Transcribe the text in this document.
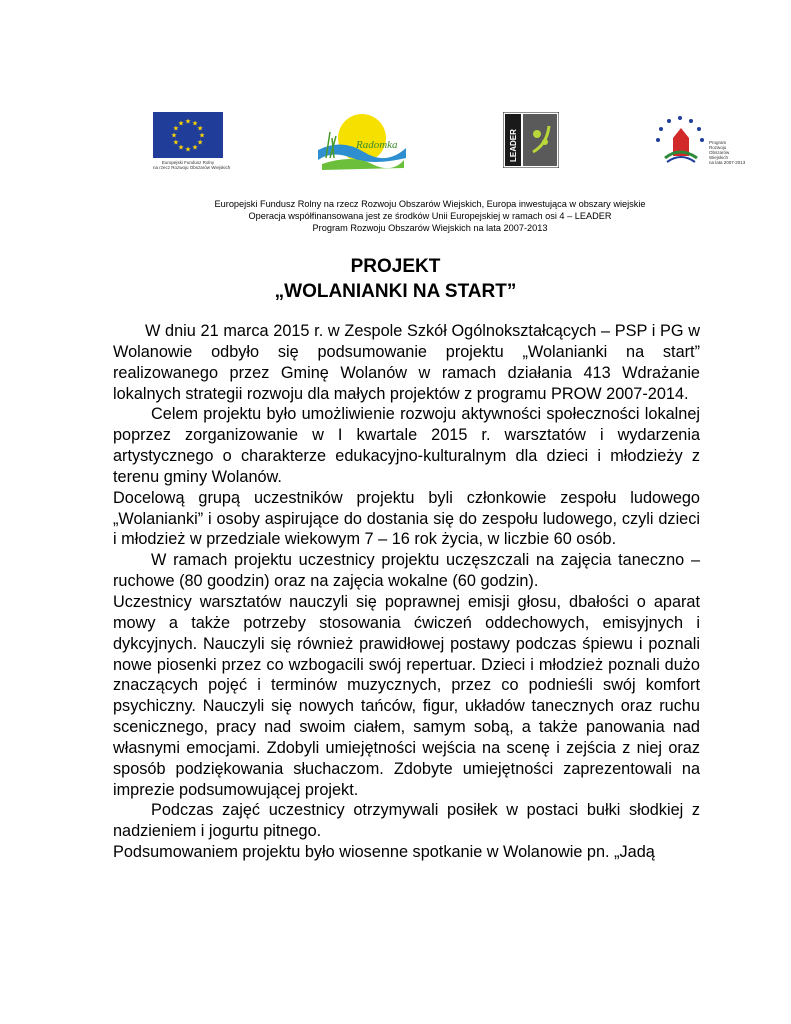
★ ★
★
★
★
★
★
★
★
★
★
★
Europejski Fundusz Rolny
na rzecz Rozwoju Obszarów Wiejskich
Radomka	LEADER	Program
Rozwoju
Obszarów
Wiejskich
na lata 2007-2013
Europejski Fundusz Rolny na rzecz Rozwoju Obszarów Wiejskich, Europa inwestująca w obszary wiejskie
Operacja współfinansowana jest ze środków Unii Europejskiej w ramach osi 4 – LEADER
Program Rozwoju Obszarów Wiejskich na lata 2007-2013
PROJEKT
„WOLANIANKI NA START”

W dniu 21 marca 2015 r. w Zespole Szkół Ogólnokształcących – PSP i PG w Wolanowie odbyło się podsumowanie projektu „Wolanianki na start” realizowanego przez Gminę Wolanów w ramach działania 413 Wdrażanie lokalnych strategii rozwoju dla małych projektów z programu PROW 2007-2014.

Celem projektu było umożliwienie rozwoju aktywności społeczności lokalnej poprzez zorganizowanie w I kwartale 2015 r. warsztatów i wydarzenia artystycznego o charakterze edukacyjno-kulturalnym dla dzieci i młodzieży z terenu gminy Wolanów.

Docelową grupą uczestników projektu byli członkowie zespołu ludowego „Wolanianki” i osoby aspirujące do dostania się do zespołu ludowego, czyli dzieci i młodzież w przedziale wiekowym 7 – 16 rok życia, w liczbie 60 osób.

W ramach projektu uczestnicy projektu uczęszczali na zajęcia taneczno – ruchowe (80 goodzin) oraz na zajęcia wokalne (60 godzin).

Uczestnicy warsztatów nauczyli się poprawnej emisji głosu, dbałości o aparat mowy a także potrzeby stosowania ćwiczeń oddechowych, emisyjnych i dykcyjnych. Nauczyli się również prawidłowej postawy podczas śpiewu i poznali nowe piosenki przez co wzbogacili swój repertuar. Dzieci i młodzież poznali dużo znaczących pojęć i terminów muzycznych, przez co podnieśli swój komfort psychiczny. Nauczyli się nowych tańców, figur, układów tanecznych oraz ruchu scenicznego, pracy nad swoim ciałem, samym sobą, a także panowania nad własnymi emocjami. Zdobyli umiejętności wejścia na scenę i zejścia z niej oraz sposób podziękowania słuchaczom. Zdobyte umiejętności zaprezentowali na imprezie podsumowującej projekt.

Podczas zajęć uczestnicy otrzymywali posiłek w postaci bułki słodkiej z nadzieniem i jogurtu pitnego.

Podsumowaniem projektu było wiosenne spotkanie w Wolanowie pn. „Jadą
